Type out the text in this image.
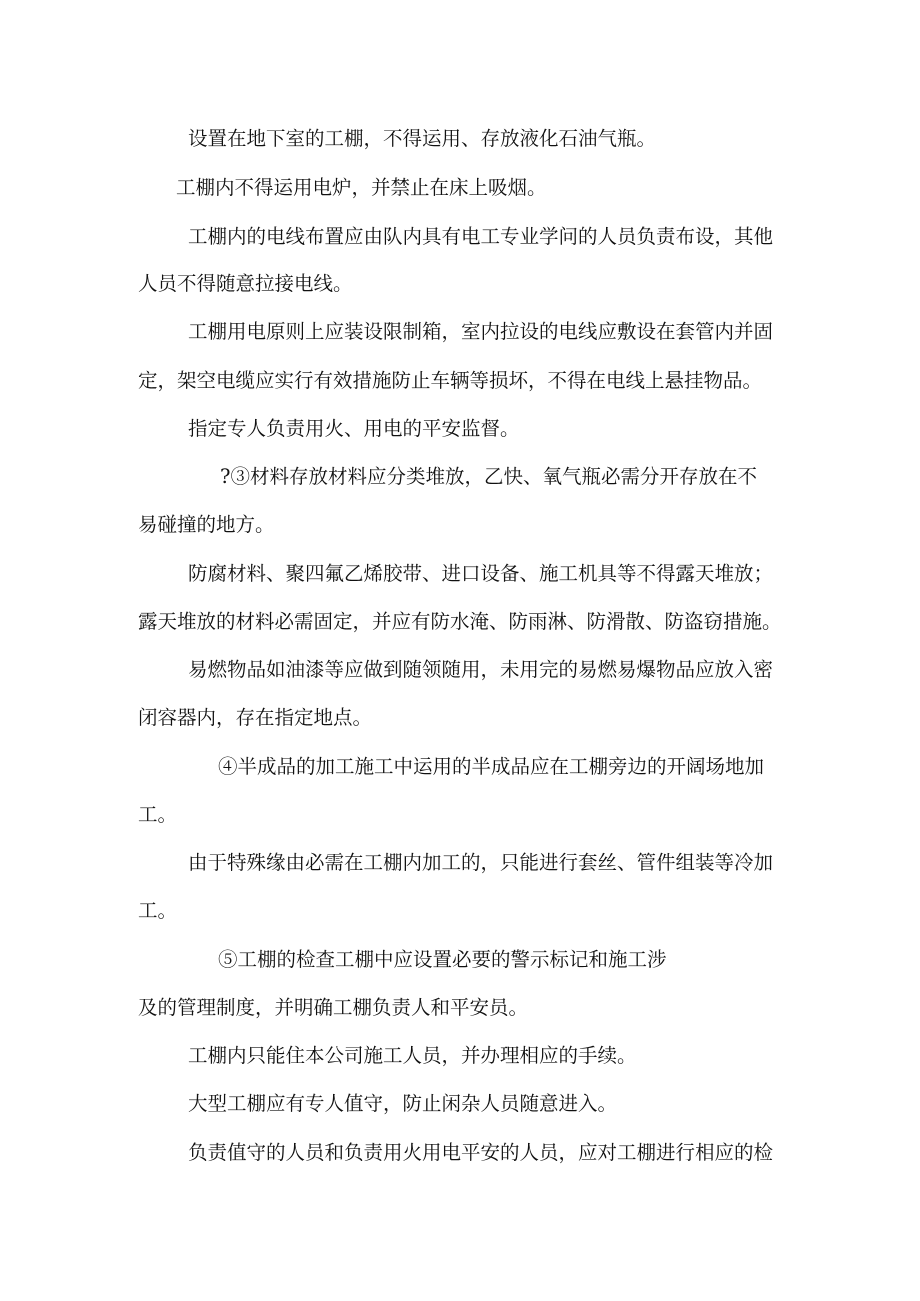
设置在地下室的工棚，不得运用、存放液化石油气瓶。

工棚内不得运用电炉，并禁止在床上吸烟。

工棚内的电线布置应由队内具有电工专业学问的人员负责布设，其他

人员不得随意拉接电线。

工棚用电原则上应装设限制箱，室内拉设的电线应敷设在套管内并固

定，架空电缆应实行有效措施防止车辆等损坏，不得在电线上悬挂物品。

指定专人负责用火、用电的平安监督。

?③材料存放材料应分类堆放，乙快、氧气瓶必需分开存放在不

易碰撞的地方。

防腐材料、聚四氟乙烯胶带、进口设备、施工机具等不得露天堆放；

露天堆放的材料必需固定，并应有防水淹、防雨淋、防滑散、防盗窃措施。

易燃物品如油漆等应做到随领随用，未用完的易燃易爆物品应放入密

闭容器内，存在指定地点。

④半成品的加工施工中运用的半成品应在工棚旁边的开阔场地加

工。

由于特殊缘由必需在工棚内加工的，只能进行套丝、管件组装等冷加

工。

⑤工棚的检查工棚中应设置必要的警示标记和施工涉

及的管理制度，并明确工棚负责人和平安员。

工棚内只能住本公司施工人员，并办理相应的手续。

大型工棚应有专人值守，防止闲杂人员随意进入。

负责值守的人员和负责用火用电平安的人员，应对工棚进行相应的检
